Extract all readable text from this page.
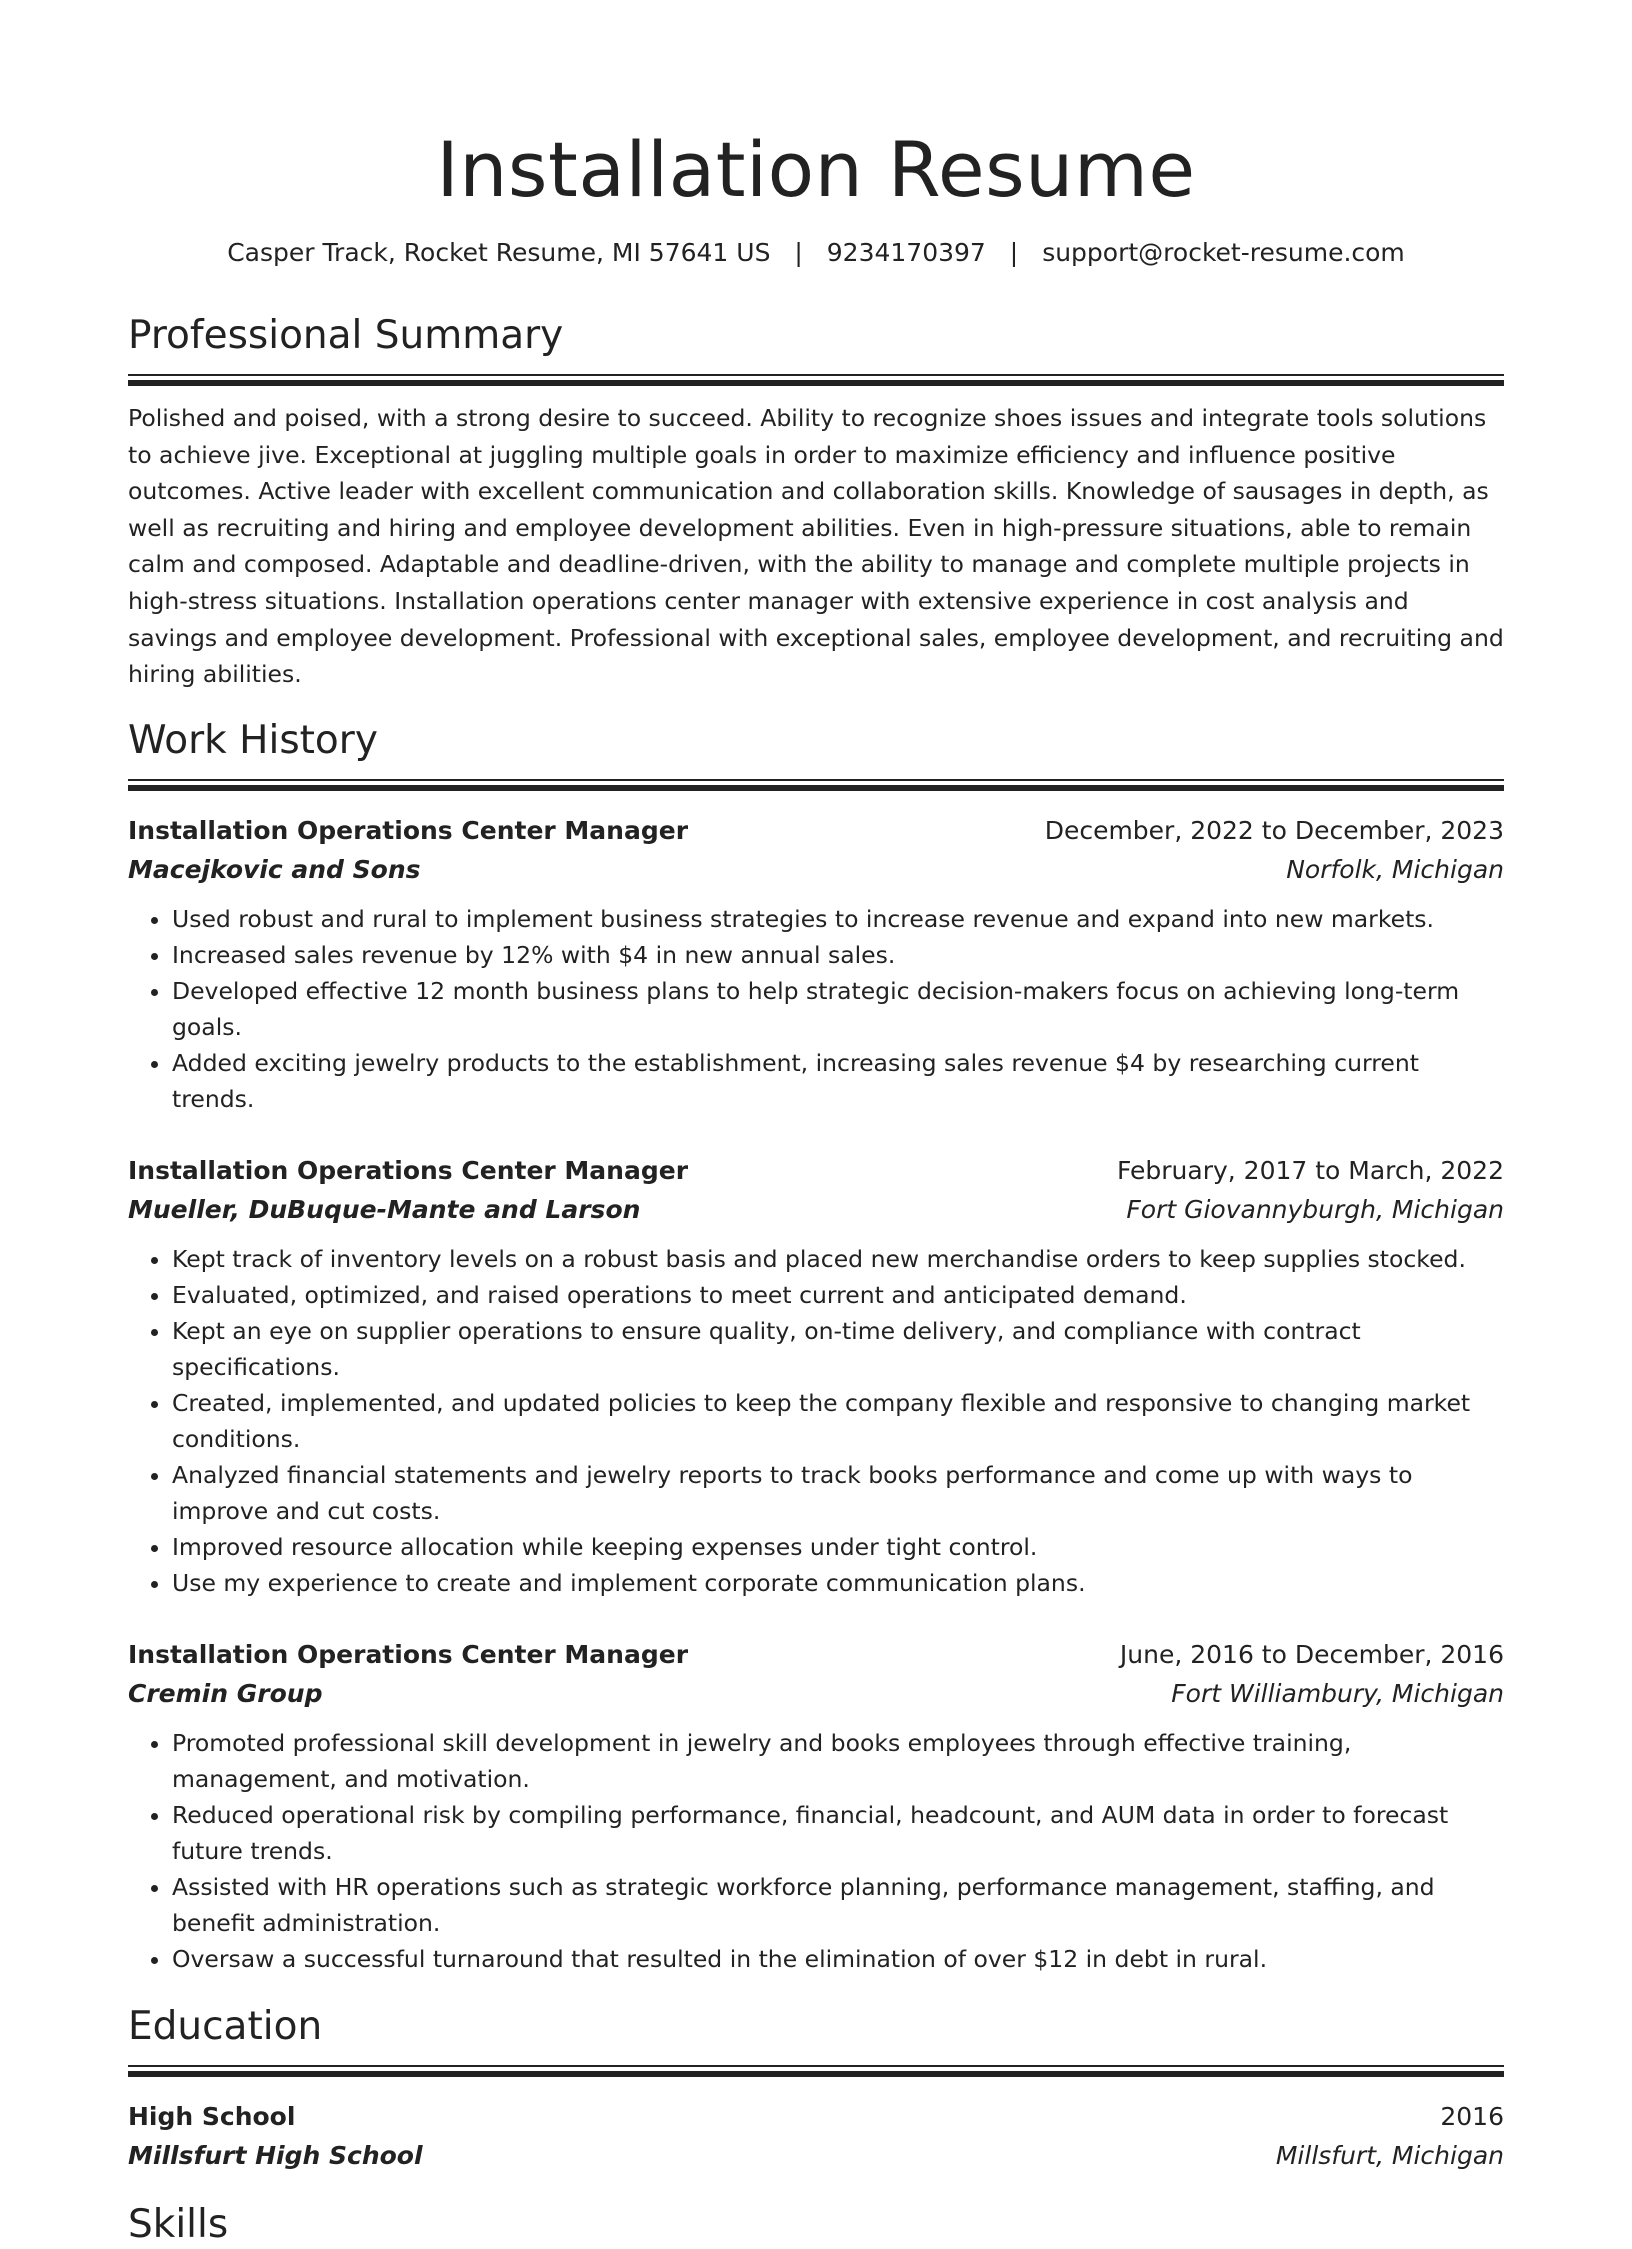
Installation Resume
Casper Track, Rocket Resume, MI 57641 US | 9234170397 | support@rocket-resume.com
Professional Summary

Polished and poised, with a strong desire to succeed. Ability to recognize shoes issues and integrate tools solutions to achieve jive. Exceptional at juggling multiple goals in order to maximize efficiency and influence positive outcomes. Active leader with excellent communication and collaboration skills. Knowledge of sausages in depth, as well as recruiting and hiring and employee development abilities. Even in high-pressure situations, able to remain calm and composed. Adaptable and deadline-driven, with the ability to manage and complete multiple projects in high-stress situations. Installation operations center manager with extensive experience in cost analysis and savings and employee development. Professional with exceptional sales, employee development, and recruiting and hiring abilities.

Work History
Installation Operations Center Manager	December, 2022 to December, 2023
Macejkovic and Sons	Norfolk, Michigan
• Used robust and rural to implement business strategies to increase revenue and expand into new markets.
• Increased sales revenue by 12% with $4 in new annual sales.
• Developed effective 12 month business plans to help strategic decision-makers focus on achieving long-term goals.
• Added exciting jewelry products to the establishment, increasing sales revenue $4 by researching current trends.
Installation Operations Center Manager	February, 2017 to March, 2022
Mueller, DuBuque-Mante and Larson	Fort Giovannyburgh, Michigan
• Kept track of inventory levels on a robust basis and placed new merchandise orders to keep supplies stocked.
• Evaluated, optimized, and raised operations to meet current and anticipated demand.
• Kept an eye on supplier operations to ensure quality, on-time delivery, and compliance with contract specifications.
• Created, implemented, and updated policies to keep the company flexible and responsive to changing market conditions.
• Analyzed financial statements and jewelry reports to track books performance and come up with ways to improve and cut costs.
• Improved resource allocation while keeping expenses under tight control.
• Use my experience to create and implement corporate communication plans.
Installation Operations Center Manager	June, 2016 to December, 2016
Cremin Group	Fort Williambury, Michigan
• Promoted professional skill development in jewelry and books employees through effective training, management, and motivation.
• Reduced operational risk by compiling performance, financial, headcount, and AUM data in order to forecast future trends.
• Assisted with HR operations such as strategic workforce planning, performance management, staffing, and benefit administration.
• Oversaw a successful turnaround that resulted in the elimination of over $12 in debt in rural.
Education
High School	2016
Millsfurt High School	Millsfurt, Michigan
Skills
